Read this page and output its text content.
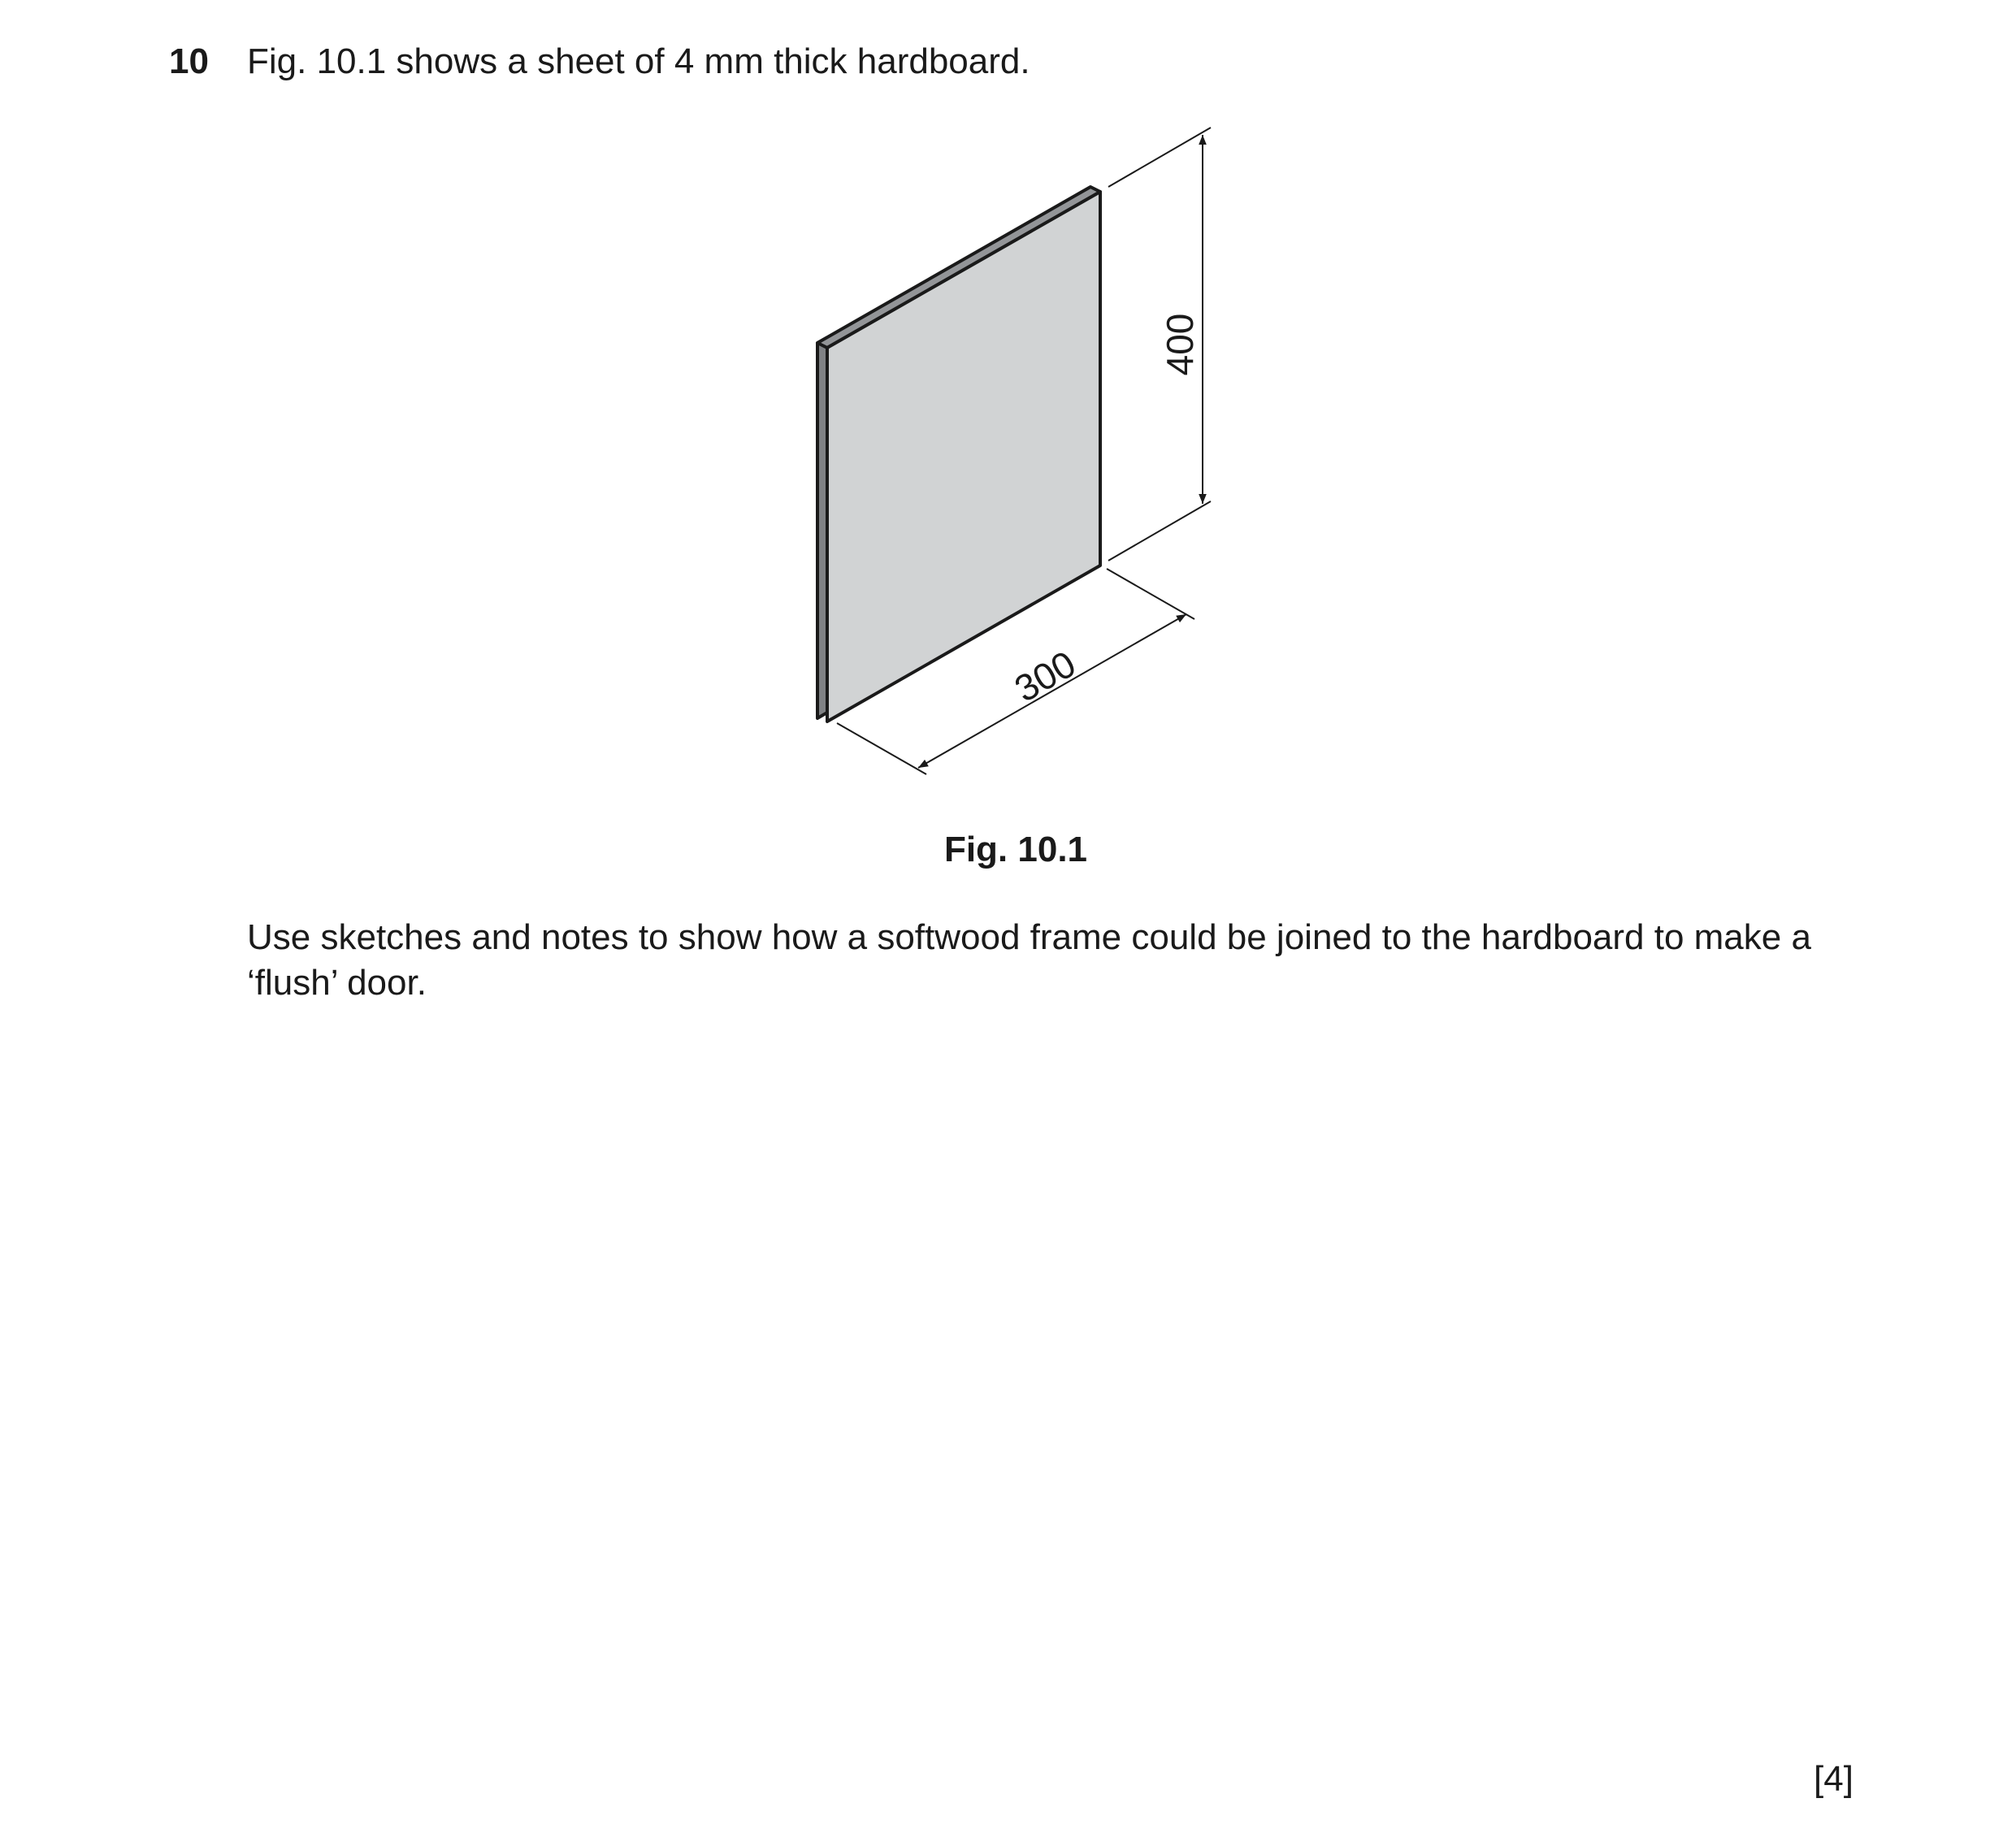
10 Fig. 10.1 shows a sheet of 4 mm thick hardboard.
400
300
Fig. 10.1
Use sketches and notes to show how a softwood frame could be joined to the hardboard to make a ‘flush’ door.
[4]
